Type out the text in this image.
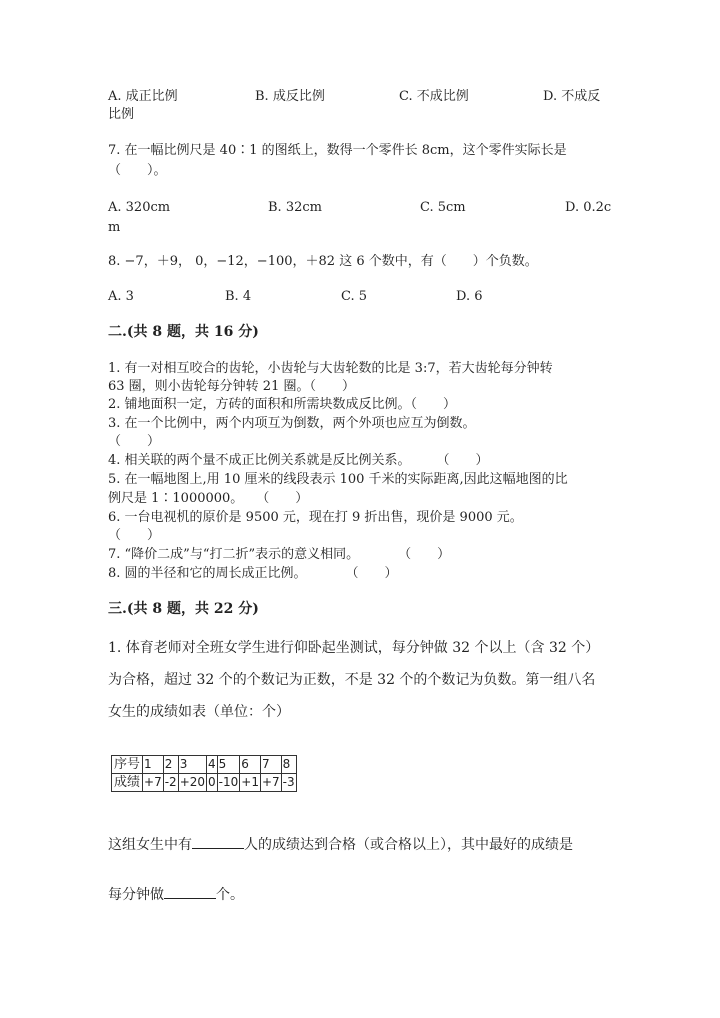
A. 成正比例	B. 成反比例	C. 不成比例	D. 不成反
比例
7. 在一幅比例尺是 40∶1 的图纸上，数得一个零件长 8cm，这个零件实际长是
（　　）。
A. 320cm	B. 32cm	C. 5cm	D. 0.2c
m
8. −7，＋9， 0，−12，−100，＋82 这 6 个数中，有（　　）个负数。
A. 3	B. 4	C. 5	D. 6
二.(共 8 题，共 16 分)
1. 有一对相互咬合的齿轮，小齿轮与大齿轮数的比是 3:7，若大齿轮每分钟转
63 圈，则小齿轮每分钟转 21 圈。（　　）
2. 铺地面积一定，方砖的面积和所需块数成反比例。（　　）
3. 在一个比例中，两个内项互为倒数，两个外项也应互为倒数。
（　　）
4. 相关联的两个量不成正比例关系就是反比例关系。　　　（　　）
5. 在一幅地图上,用 10 厘米的线段表示 100 千米的实际距离,因此这幅地图的比
例尺是 1∶1000000。　　（　　）
6. 一台电视机的原价是 9500 元，现在打 9 折出售，现价是 9000 元。
（　　）
7. “降价二成”与“打二折”表示的意义相同。　　　　（　　）
8. 圆的半径和它的周长成正比例。　　　　（　　）
三.(共 8 题，共 22 分)
1. 体育老师对全班女学生进行仰卧起坐测试，每分钟做 32 个以上（含 32 个）
为合格，超过 32 个的个数记为正数，不是 32 个的个数记为负数。第一组八名
女生的成绩如表（单位：个）
序号	1	2	3	4	5	6	7	8
成绩	+7	-2	+20	0	-10	+1	+7	-3
这组女生中有	人的成绩达到合格（或合格以上），其中最好的成绩是
每分钟做	个。
